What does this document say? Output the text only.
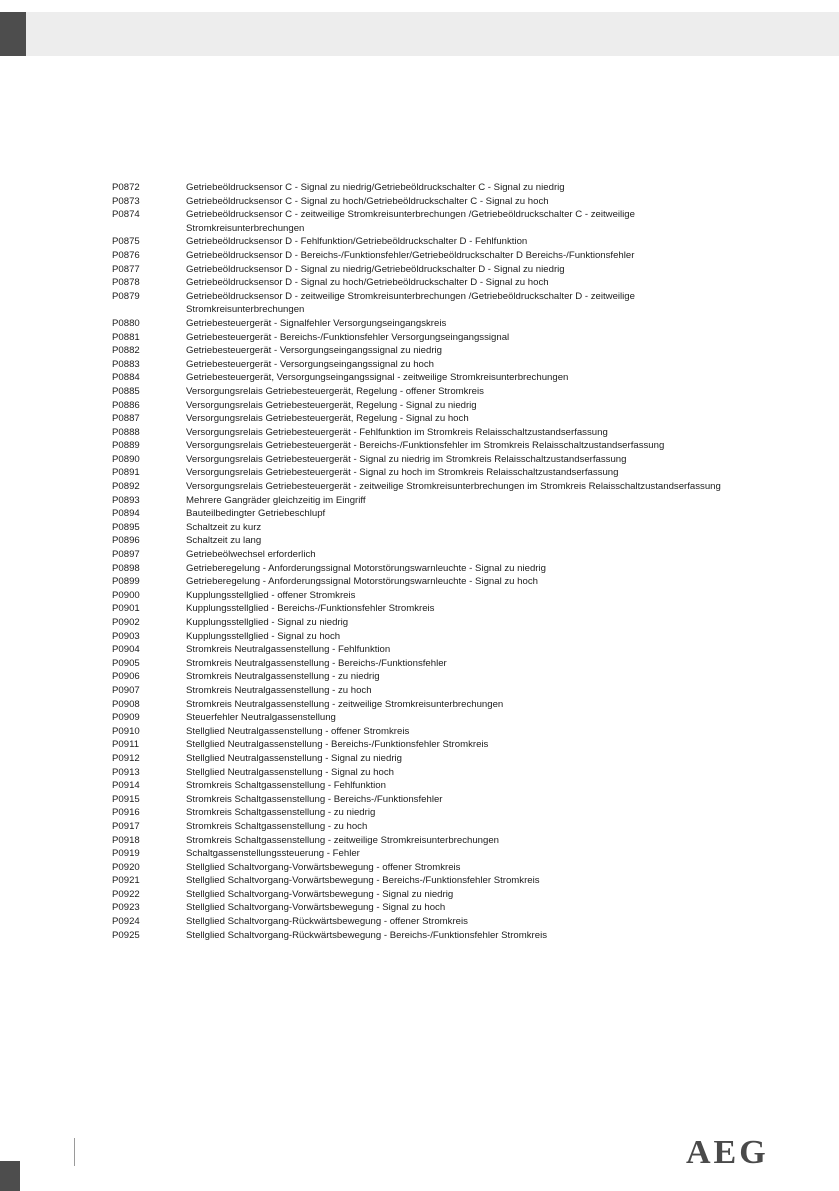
P0872	Getriebeöldrucksensor C - Signal zu niedrig/Getriebeöldruckschalter C - Signal zu niedrig
P0873	Getriebeöldrucksensor C - Signal zu hoch/Getriebeöldruckschalter C - Signal zu hoch
P0874	Getriebeöldrucksensor C - zeitweilige Stromkreisunterbrechungen /Getriebeöldruckschalter C - zeitweilige Stromkreisunterbrechungen
P0875	Getriebeöldrucksensor D - Fehlfunktion/Getriebeöldruckschalter D - Fehlfunktion
P0876	Getriebeöldrucksensor D - Bereichs-/Funktionsfehler/Getriebeöldruckschalter D Bereichs-/Funktionsfehler
P0877	Getriebeöldrucksensor D - Signal zu niedrig/Getriebeöldruckschalter D - Signal zu niedrig
P0878	Getriebeöldrucksensor D - Signal zu hoch/Getriebeöldruckschalter D - Signal zu hoch
P0879	Getriebeöldrucksensor D - zeitweilige Stromkreisunterbrechungen /Getriebeöldruckschalter D - zeitweilige Stromkreisunterbrechungen
P0880	Getriebesteuergerät - Signalfehler Versorgungseingangskreis
P0881	Getriebesteuergerät - Bereichs-/Funktionsfehler Versorgungseingangssignal
P0882	Getriebesteuergerät - Versorgungseingangssignal zu niedrig
P0883	Getriebesteuergerät - Versorgungseingangssignal zu hoch
P0884	Getriebesteuergerät, Versorgungseingangssignal - zeitweilige Stromkreisunterbrechungen
P0885	Versorgungsrelais Getriebesteuergerät, Regelung - offener Stromkreis
P0886	Versorgungsrelais Getriebesteuergerät, Regelung - Signal zu niedrig
P0887	Versorgungsrelais Getriebesteuergerät, Regelung - Signal zu hoch
P0888	Versorgungsrelais Getriebesteuergerät - Fehlfunktion im Stromkreis Relaisschaltzustandserfassung
P0889	Versorgungsrelais Getriebesteuergerät - Bereichs-/Funktionsfehler im Stromkreis Relaisschaltzustandserfassung
P0890	Versorgungsrelais Getriebesteuergerät - Signal zu niedrig im Stromkreis Relaisschaltzustandserfassung
P0891	Versorgungsrelais Getriebesteuergerät - Signal zu hoch im Stromkreis Relaisschaltzustandserfassung
P0892	Versorgungsrelais Getriebesteuergerät - zeitweilige Stromkreisunterbrechungen im Stromkreis Relaisschaltzustandserfassung
P0893	Mehrere Gangräder gleichzeitig im Eingriff
P0894	Bauteilbedingter Getriebeschlupf
P0895	Schaltzeit zu kurz
P0896	Schaltzeit zu lang
P0897	Getriebeölwechsel erforderlich
P0898	Getrieberegelung - Anforderungssignal Motorstörungswarnleuchte - Signal zu niedrig
P0899	Getrieberegelung - Anforderungssignal Motorstörungswarnleuchte - Signal zu hoch
P0900	Kupplungsstellglied - offener Stromkreis
P0901	Kupplungsstellglied - Bereichs-/Funktionsfehler Stromkreis
P0902	Kupplungsstellglied - Signal zu niedrig
P0903	Kupplungsstellglied - Signal zu hoch
P0904	Stromkreis Neutralgassenstellung - Fehlfunktion
P0905	Stromkreis Neutralgassenstellung - Bereichs-/Funktionsfehler
P0906	Stromkreis Neutralgassenstellung - zu niedrig
P0907	Stromkreis Neutralgassenstellung - zu hoch
P0908	Stromkreis Neutralgassenstellung - zeitweilige Stromkreisunterbrechungen
P0909	Steuerfehler Neutralgassenstellung
P0910	Stellglied Neutralgassenstellung - offener Stromkreis
P0911	Stellglied Neutralgassenstellung - Bereichs-/Funktionsfehler Stromkreis
P0912	Stellglied Neutralgassenstellung - Signal zu niedrig
P0913	Stellglied Neutralgassenstellung - Signal zu hoch
P0914	Stromkreis Schaltgassenstellung - Fehlfunktion
P0915	Stromkreis Schaltgassenstellung - Bereichs-/Funktionsfehler
P0916	Stromkreis Schaltgassenstellung - zu niedrig
P0917	Stromkreis Schaltgassenstellung - zu hoch
P0918	Stromkreis Schaltgassenstellung - zeitweilige Stromkreisunterbrechungen
P0919	Schaltgassenstellungssteuerung - Fehler
P0920	Stellglied Schaltvorgang-Vorwärtsbewegung - offener Stromkreis
P0921	Stellglied Schaltvorgang-Vorwärtsbewegung - Bereichs-/Funktionsfehler Stromkreis
P0922	Stellglied Schaltvorgang-Vorwärtsbewegung - Signal zu niedrig
P0923	Stellglied Schaltvorgang-Vorwärtsbewegung - Signal zu hoch
P0924	Stellglied Schaltvorgang-Rückwärtsbewegung - offener Stromkreis
P0925	Stellglied Schaltvorgang-Rückwärtsbewegung - Bereichs-/Funktionsfehler Stromkreis
AEG
